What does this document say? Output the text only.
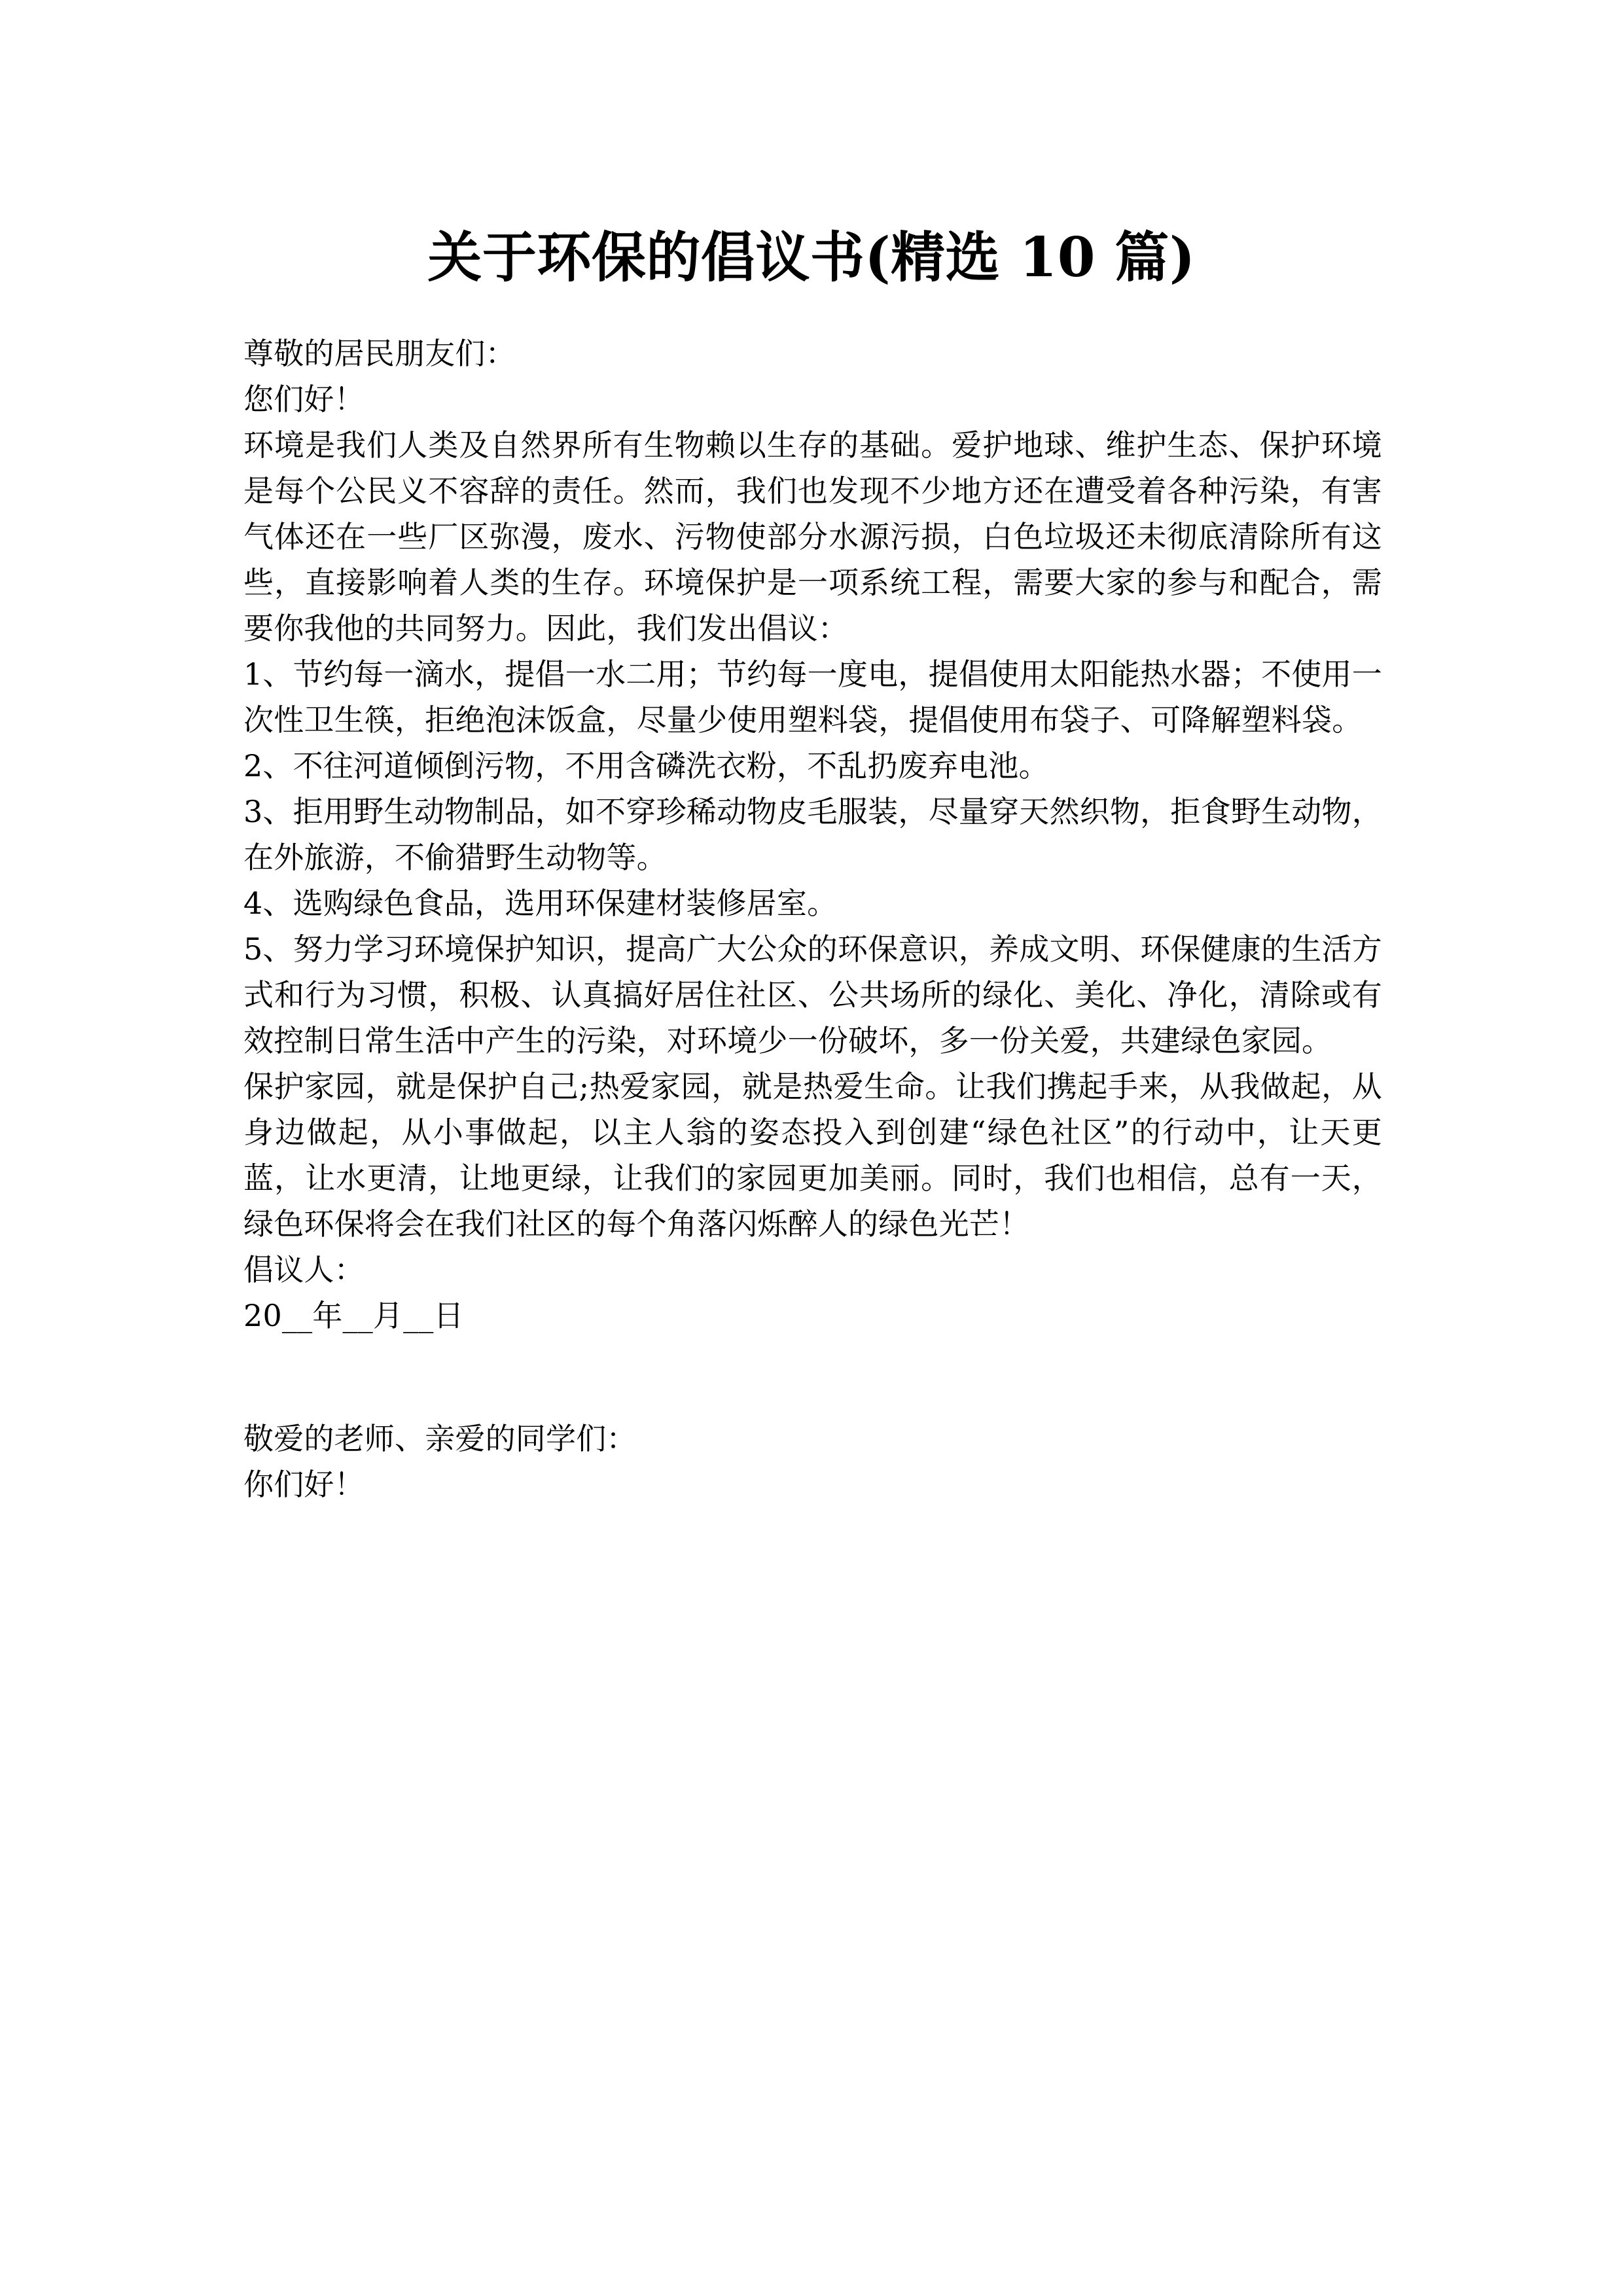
关于环保的倡议书(精选 10 篇)

尊敬的居民朋友们：

您们好！

环境是我们人类及自然界所有生物赖以生存的基础。爱护地球、维护生态、保护环境是每个公民义不容辞的责任。然而，我们也发现不少地方还在遭受着各种污染，有害气体还在一些厂区弥漫，废水、污物使部分水源污损，白色垃圾还未彻底清除所有这些，直接影响着人类的生存。环境保护是一项系统工程，需要大家的参与和配合，需要你我他的共同努力。因此，我们发出倡议：

1、节约每一滴水，提倡一水二用；节约每一度电，提倡使用太阳能热水器；不使用一次性卫生筷，拒绝泡沫饭盒，尽量少使用塑料袋，提倡使用布袋子、可降解塑料袋。

2、不往河道倾倒污物，不用含磷洗衣粉，不乱扔废弃电池。

3、拒用野生动物制品，如不穿珍稀动物皮毛服装，尽量穿天然织物，拒食野生动物，在外旅游，不偷猎野生动物等。

4、选购绿色食品，选用环保建材装修居室。

5、努力学习环境保护知识，提高广大公众的环保意识，养成文明、环保健康的生活方式和行为习惯，积极、认真搞好居住社区、公共场所的绿化、美化、净化，清除或有效控制日常生活中产生的污染，对环境少一份破坏，多一份关爱，共建绿色家园。

保护家园，就是保护自己;热爱家园，就是热爱生命。让我们携起手来，从我做起，从身边做起，从小事做起，以主人翁的姿态投入到创建“绿色社区”的行动中，让天更蓝，让水更清，让地更绿，让我们的家园更加美丽。同时，我们也相信，总有一天，绿色环保将会在我们社区的每个角落闪烁醉人的绿色光芒！

倡议人：

20__年__月__日

敬爱的老师、亲爱的同学们：

你们好！
